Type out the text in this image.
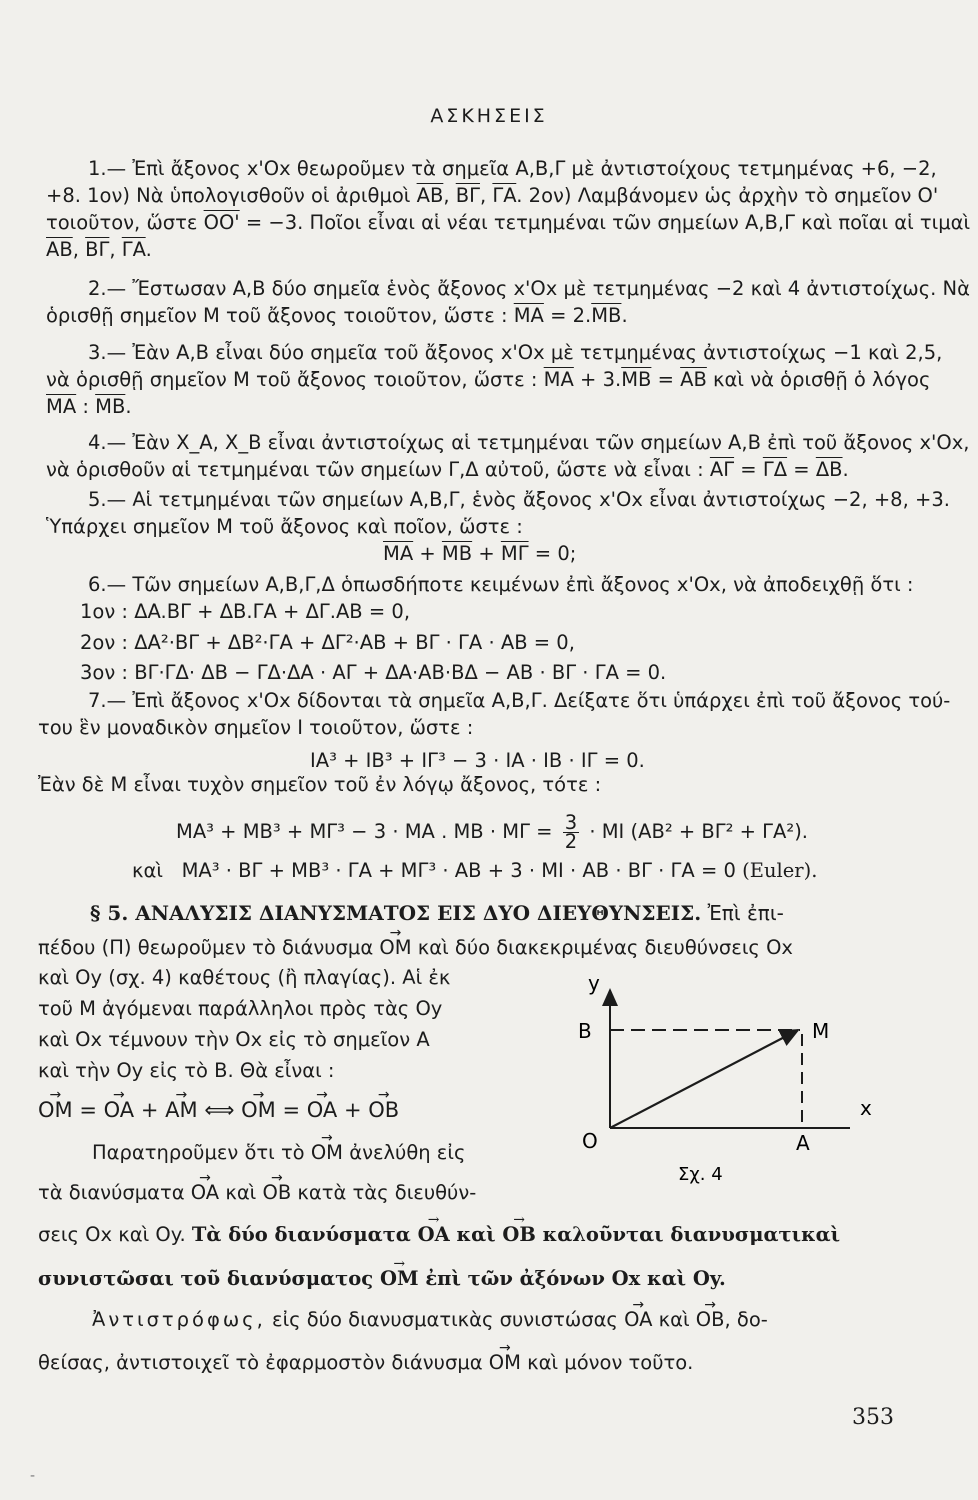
ΑΣΚΗΣΕΙΣ
1.— Ἐπὶ ἄξονος x'Ox θεωροῦμεν τὰ σημεῖα A,B,Γ μὲ ἀντιστοίχους τετμημένας +6, −2,
+8. 1ον) Νὰ ὑπολογισθοῦν οἱ ἀριθμοὶ $\overline{AB}$, $\overline{B\Gamma}$, $\overline{\Gamma A}$. 2ον) Λαμβάνομεν ὡς ἀρχὴν τὸ σημεῖον O'
τοιοῦτον, ὥστε OO' = −3. Ποῖοι εἶναι αἱ νέαι τετμημέναι τῶν σημείων A,B,Γ καὶ ποῖαι αἱ τιμαὶ
$\overline{AB}$, $\overline{B\Gamma}$, $\overline{\Gamma A}$.
2.— Ἔστωσαν A,B δύο σημεῖα ἑνὸς ἄξονος x'Ox μὲ τετμημένας −2 καὶ 4 ἀντιστοίχως. Νὰ
ὁρισθῇ σημεῖον M τοῦ ἄξονος τοιοῦτον, ὥστε : $\overline{MA} = 2.\overline{MB}$.
3.— Ἐὰν A,B εἶναι δύο σημεῖα τοῦ ἄξονος x'Ox μὲ τετμημένας ἀντιστοίχως −1 καὶ 2,5,
νὰ ὁρισθῇ σημεῖον M τοῦ ἄξονος τοιοῦτον, ὥστε : $\overline{MA} + 3.\overline{MB} = \overline{AB}$ καὶ νὰ ὁρισθῇ ὁ λόγος
$\overline{MA}$ : $\overline{MB}$.
4.— Ἐὰν X_A, X_B εἶναι ἀντιστοίχως αἱ τετμημέναι τῶν σημείων A,B ἐπὶ τοῦ ἄξονος x'Ox,
νὰ ὁρισθοῦν αἱ τετμημέναι τῶν σημείων Γ,Δ αὐτοῦ, ὥστε νὰ εἶναι : $\overline{A\Gamma} = \overline{\Gamma\Delta} = \overline{\Delta B}$.
5.— Αἱ τετμημέναι τῶν σημείων A,B,Γ, ἑνὸς ἄξονος x'Ox εἶναι ἀντιστοίχως −2, +8, +3.
Ὑπάρχει σημεῖον M τοῦ ἄξονος καὶ ποῖον, ὥστε :
$\overline{MA} + \overline{MB} + \overline{M\Gamma} = 0$;
6.— Τῶν σημείων A,B,Γ,Δ ὁπωσδήποτε κειμένων ἐπὶ ἄξονος x'Ox, νὰ ἀποδειχθῇ ὅτι :
1ον : ΔA.BΓ + ΔB.ΓA + ΔΓ.AB = 0,
2ον : ΔA²·BΓ + ΔB²·ΓA + ΔΓ²·AB + BΓ · ΓA · AB = 0,
3ον : BΓ·ΓΔ· ΔB − ΓΔ·ΔA · AΓ + ΔA·AB·BΔ − AB · BΓ · ΓA = 0.
7.— Ἐπὶ ἄξονος x'Ox δίδονται τὰ σημεῖα A,B,Γ. Δείξατε ὅτι ὑπάρχει ἐπὶ τοῦ ἄξονος τού-
του ἓν μοναδικὸν σημεῖον I τοιοῦτον, ὥστε :
IA³ + IB³ + IΓ³ − 3 · IA · IB · IΓ = 0.
Ἐὰν δὲ M εἶναι τυχὸν σημεῖον τοῦ ἐν λόγῳ ἄξονος, τότε :
MA³ + MB³ + MΓ³ − 3 · MA . MB · $M\Gamma = \frac{3}{2}$ · MI (AB² + BΓ² + ΓA²).
καὶ MA³ · BΓ + MB³ · ΓA + MΓ³ · AB + 3 · MI · AB · BΓ · ΓA = 0 (Euler).
§ 5. ΑΝΑΛΥΣΙΣ ΔΙΑΝΥΣΜΑΤΟΣ ΕΙΣ ΔΥΟ ΔΙΕΥΘΥΝΣΕΙΣ. Ἐπὶ ἐπι-
πέδου (Π) θεωροῦμεν τὸ διάνυσμα → OM καὶ δύο διακεκριμένας διευθύνσεις Ox
καὶ Oy (σχ. 4) καθέτους (ἢ πλαγίας). Αἱ ἐκ
τοῦ M ἀγόμεναι παράλληλοι πρὸς τὰς Oy
καὶ Ox τέμνουν τὴν Ox εἰς τὸ σημεῖον A
καὶ τὴν Oy εἰς τὸ B. Θὰ εἶναι :
→ OM = → OA + → AM ⟺ → OM = → OA + → OB
Παρατηροῦμεν ὅτι τὸ → OM ἀνελύθη εἰς
τὰ διανύσματα → OA καὶ → OB κατὰ τὰς διευθύν-
σεις Ox καὶ Oy. Τὰ δύο διανύσματα → OA καὶ → OB καλοῦνται διανυσματικαὶ
συνιστῶσαι τοῦ διανύσματος → OM ἐπὶ τῶν ἀξόνων Ox καὶ Oy.
Ἀντιστρόφως, εἰς δύο διανυσματικὰς συνιστώσας → OA καὶ → OB, δο-
θείσας, ἀντιστοιχεῖ τὸ ἐφαρμοστὸν διάνυσμα → OM καὶ μόνον τοῦτο.
y
x
O	A
B	M
Σχ. 4
353
-
